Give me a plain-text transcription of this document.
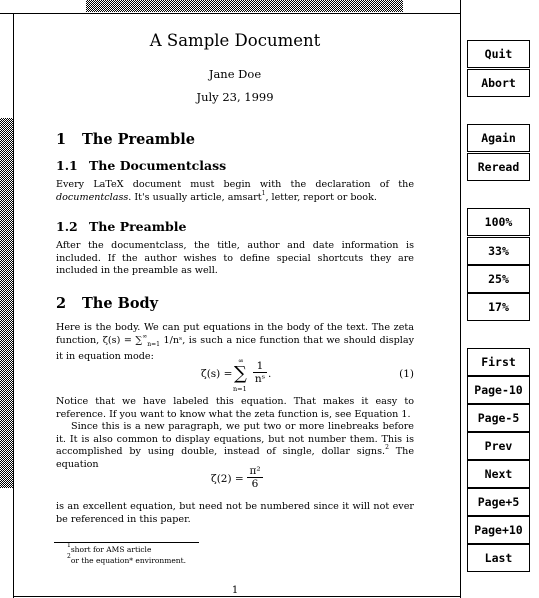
A Sample Document
Jane Doe
July 23, 1999
1 The Preamble
1.1 The Documentclass
Every LaTeX document must begin with the declaration of the documentclass. It's usually article, amsart$^1$, letter, report or book.
1.2 The Preamble
After the documentclass, the title, author and date information is included. If the author wishes to define special shortcuts they are included in the preamble as well.
2 The Body
Here is the body. We can put equations in the body of the text. The zeta function, $\zeta(s) = \sum^\infty_{n=1}$ 1/nˢ, is such a nice function that we should display it in equation mode:
ζ(s) =
∞
∑
n=1
1
nˢ .	(1)
Notice that we have labeled this equation. That makes it easy to reference. If you want to know what the zeta function is, see Equation 1.
Since this is a new paragraph, we put two or more linebreaks before it. It is also common to display equations, but not number them. This is accomplished by using double, instead of single, dollar signs.$^2$ The equation
ζ(2) =
π²
6
is an excellent equation, but need not be numbered since it will not ever be referenced in this paper.
$^1$short for AMS article
$^2$or the equation* environment.
1
Quit
Abort
Again
Reread
100%
33%
25%
17%
First
Page-10
Page-5
Prev
Next
Page+5
Page+10
Last
